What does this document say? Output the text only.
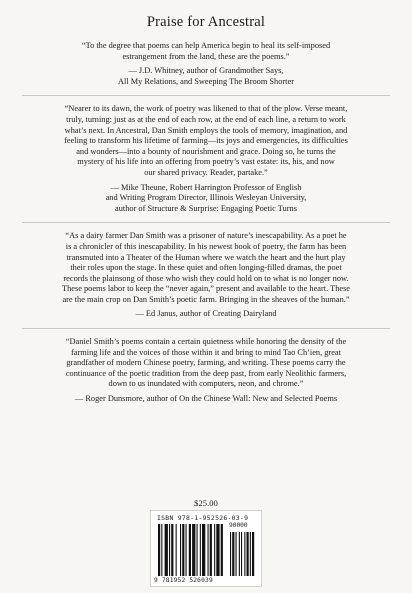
Praise for Ancestral

“To the degree that poems can help America begin to heal its self-imposed
estrangement from the land, these are the poems.”

— J.D. Whitney, author of Grandmother Says,
All My Relations, and Sweeping The Broom Shorter

“Nearer to its dawn, the work of poetry was likened to that of the plow. Verse meant,
truly, turning: just as at the end of each row, at the end of each line, a return to work
what’s next. In Ancestral, Dan Smith employs the tools of memory, imagination, and
feeling to transform his lifetime of farming—its joys and emergencies, its difficulties
and wonders—into a bounty of nourishment and grace. Doing so, he turns the
mystery of his life into an offering from poetry’s vast estate: its, his, and now
our shared privacy. Reader, partake.”

— Mike Theune, Robert Harrington Professor of English
and Writing Program Director, Illinois Wesleyan University,
author of Structure & Surprise: Engaging Poetic Turns

“As a dairy farmer Dan Smith was a prisoner of nature’s inescapability. As a poet he
is a chronicler of this inescapability. In his newest book of poetry, the farm has been
transmuted into a Theater of the Human where we watch the heart and the hurt play
their roles upon the stage. In these quiet and often longing-filled dramas, the poet
records the plainsong of those who wish they could hold on to what is no longer now.
These poems labor to keep the “never again,” present and available to the heart. These
are the main crop on Dan Smith’s poetic farm. Bringing in the sheaves of the human.”

— Ed Janus, author of Creating Dairyland

“Daniel Smith’s poems contain a certain quietness while honoring the density of the
farming life and the voices of those within it and bring to mind Tao Ch’ien, great
grandfather of modern Chinese poetry, farming, and writing. These poems carry the
continuance of the poetic tradition from the deep past, from early Neolithic farmers,
down to us inundated with computers, neon, and chrome.”

— Roger Dunsmore, author of On the Chinese Wall: New and Selected Poems

$25.00
ISBN 978-1-952526-03-9
90000
9 781952 526039
